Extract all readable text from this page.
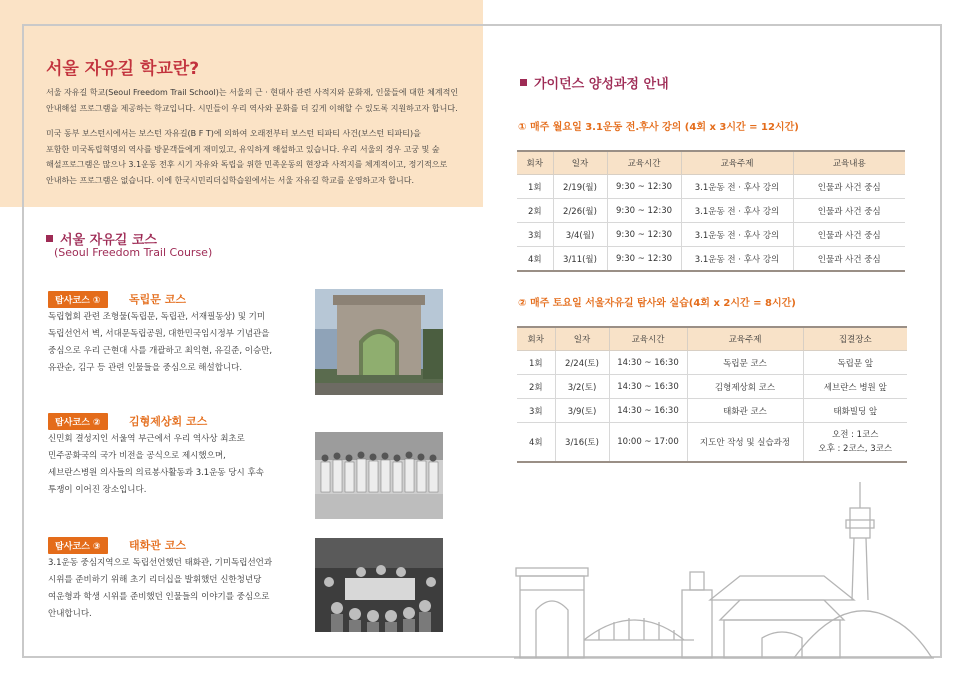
서울 자유길 학교란?
서울 자유길 학교(Seoul Freedom Trail School)는 서울의 근 · 현대사 관련 사적지와 문화재, 인물들에 대한 체계적인
안내해설 프로그램을 제공하는 학교입니다. 시민들이 우리 역사와 문화를 더 깊게 이해할 수 있도록 지원하고자 합니다.
미국 동부 보스턴시에서는 보스턴 자유길(B F T)에 의하여 오래전부터 보스턴 티파티 사건(보스턴 티파티)을
포함한 미국독립혁명의 역사를 방문객들에게 재미있고, 유익하게 해설하고 있습니다. 우리 서울의 경우 고궁 및 숲
해설프로그램은 많으나 3.1운동 전후 시기 자유와 독립을 위한 민족운동의 현장과 사적지를 체계적이고, 정기적으로
안내하는 프로그램은 없습니다. 이에 한국시민리더십학습원에서는 서울 자유길 학교를 운영하고자 합니다.
서울 자유길 코스
(Seoul Freedom Trail Course)
탐사코스 ①	독립문 코스
독립협회 관련 조형물(독립문, 독립관, 서재필동상) 및 기미
독립선언서 벽, 서대문독립공원, 대한민국임시정부 기념관을
중심으로 우리 근현대 사를 개괄하고 최익현, 유길준, 이승만,
유관순, 김구 등 관련 인물들을 중심으로 해설합니다.
탐사코스 ②	김형제상회 코스
신민회 결성지인 서울역 부근에서 우리 역사상 최초로
민주공화국의 국가 비전을 공식으로 제시했으며,
세브란스병원 의사들의 의료봉사활동과 3.1운동 당시 후속
투쟁이 이어진 장소입니다.
탐사코스 ③	태화관 코스
3.1운동 중심지역으로 독립선언했던 태화관, 기미독립선언과
시위를 준비하기 위해 초기 리더십을 발휘했던 신한청년당
여운형과 학생 시위를 준비했던 인물들의 이야기를 중심으로
안내합니다.
가이던스 양성과정 안내
① 매주 월요일 3.1운동 전.후사 강의 (4회 x 3시간 = 12시간)
회차	일자	교육시간	교육주제	교육내용
1회	2/19(월)	9:30 ~ 12:30	3.1운동 전 · 후사 강의	인물과 사건 중심
2회	2/26(월)	9:30 ~ 12:30	3.1운동 전 · 후사 강의	인물과 사건 중심
3회	3/4(월)	9:30 ~ 12:30	3.1운동 전 · 후사 강의	인물과 사건 중심
4회	3/11(월)	9:30 ~ 12:30	3.1운동 전 · 후사 강의	인물과 사건 중심
② 매주 토요일 서울자유길 탐사와 실습(4회 x 2시간 = 8시간)
회차	일자	교육시간	교육주제	집결장소
1회	2/24(토)	14:30 ~ 16:30	독립문 코스	독립문 앞
2회	3/2(토)	14:30 ~ 16:30	김형제상회 코스	세브란스 병원 앞
3회	3/9(토)	14:30 ~ 16:30	태화관 코스	태화빌딩 앞
4회	3/16(토)	10:00 ~ 17:00	지도안 작성 및 실습과정	오전 : 1코스
오후 : 2코스, 3코스
